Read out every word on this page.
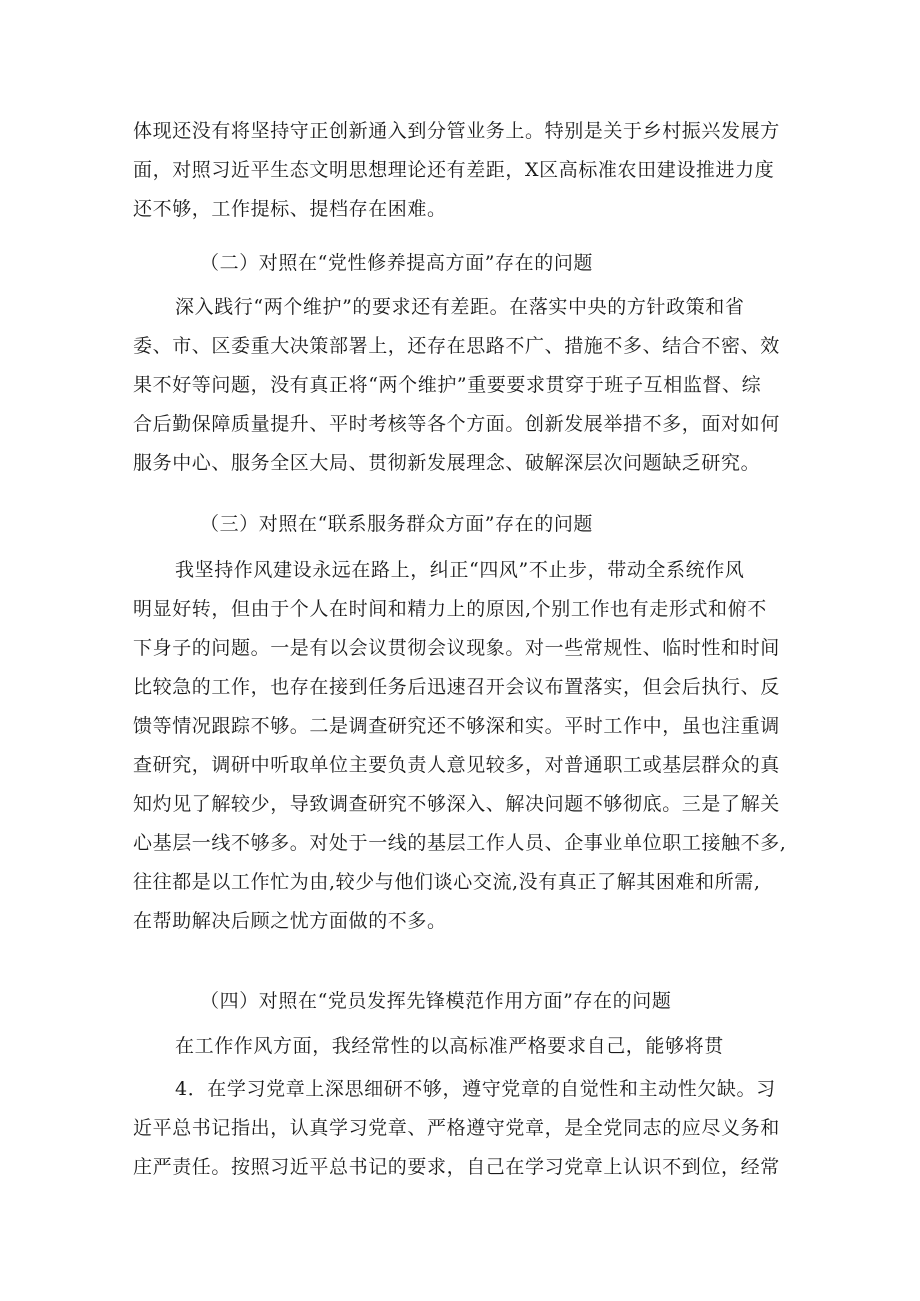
体现还没有将坚持守正创新通入到分管业务上。特别是关于乡村振兴发展方
面，对照习近平生态文明思想理论还有差距，X区高标准农田建设推进力度
还不够，工作提标、提档存在困难。
（二）对照在“党性修养提高方面”存在的问题
深入践行“两个维护”的要求还有差距。在落实中央的方针政策和省
委、市、区委重大决策部署上，还存在思路不广、措施不多、结合不密、效
果不好等问题，没有真正将“两个维护”重要要求贯穿于班子互相监督、综
合后勤保障质量提升、平时考核等各个方面。创新发展举措不多，面对如何
服务中心、服务全区大局、贯彻新发展理念、破解深层次问题缺乏研究。
（三）对照在“联系服务群众方面”存在的问题
我坚持作风建设永远在路上，纠正“四风”不止步，带动全系统作风
明显好转，但由于个人在时间和精力上的原因,个别工作也有走形式和俯不
下身子的问题。一是有以会议贯彻会议现象。对一些常规性、临时性和时间
比较急的工作，也存在接到任务后迅速召开会议布置落实，但会后执行、反
馈等情况跟踪不够。二是调查研究还不够深和实。平时工作中，虽也注重调
查研究，调研中听取单位主要负责人意见较多，对普通职工或基层群众的真
知灼见了解较少，导致调查研究不够深入、解决问题不够彻底。三是了解关
心基层一线不够多。对处于一线的基层工作人员、企事业单位职工接触不多,
往往都是以工作忙为由,较少与他们谈心交流,没有真正了解其困难和所需,
在帮助解决后顾之忧方面做的不多。
（四）对照在“党员发挥先锋模范作用方面”存在的问题
在工作作风方面，我经常性的以高标准严格要求自己，能够将贯
4．在学习党章上深思细研不够，遵守党章的自觉性和主动性欠缺。习
近平总书记指出，认真学习党章、严格遵守党章，是全党同志的应尽义务和
庄严责任。按照习近平总书记的要求，自己在学习党章上认识不到位，经常
